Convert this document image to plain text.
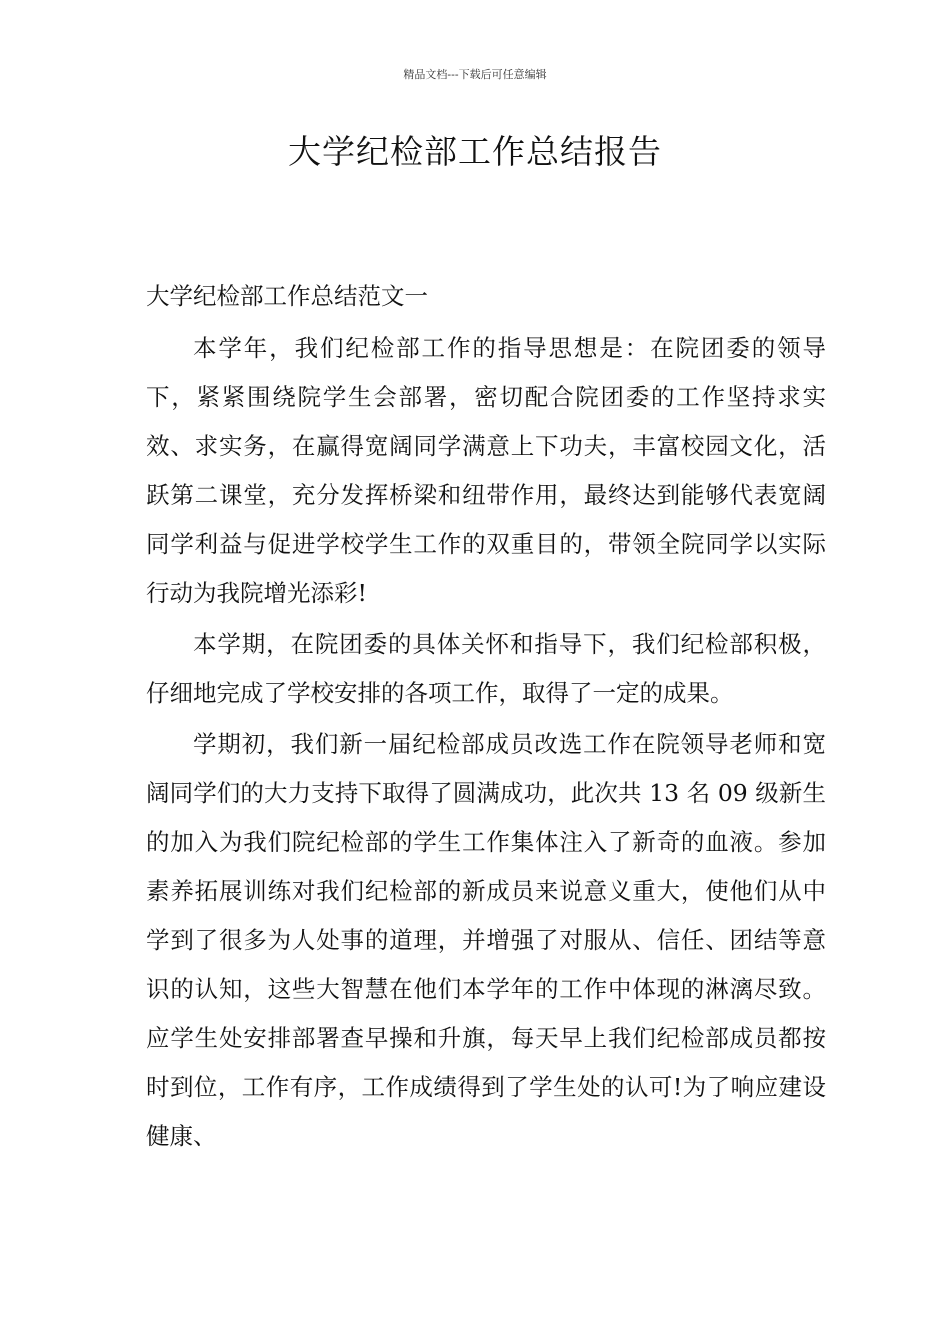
精品文档---下载后可任意编辑
大学纪检部工作总结报告

大学纪检部工作总结范文一

本学年，我们纪检部工作的指导思想是：在院团委的领导下，紧紧围绕院学生会部署，密切配合院团委的工作坚持求实效、求实务，在赢得宽阔同学满意上下功夫，丰富校园文化，活跃第二课堂，充分发挥桥梁和纽带作用，最终达到能够代表宽阔同学利益与促进学校学生工作的双重目的，带领全院同学以实际行动为我院增光添彩!

本学期，在院团委的具体关怀和指导下，我们纪检部积极，仔细地完成了学校安排的各项工作，取得了一定的成果。

学期初，我们新一届纪检部成员改选工作在院领导老师和宽阔同学们的大力支持下取得了圆满成功，此次共 13 名 09 级新生的加入为我们院纪检部的学生工作集体注入了新奇的血液。参加素养拓展训练对我们纪检部的新成员来说意义重大，使他们从中学到了很多为人处事的道理，并增强了对服从、信任、团结等意识的认知，这些大智慧在他们本学年的工作中体现的淋漓尽致。应学生处安排部署查早操和升旗，每天早上我们纪检部成员都按时到位，工作有序，工作成绩得到了学生处的认可!为了响应建设健康、
